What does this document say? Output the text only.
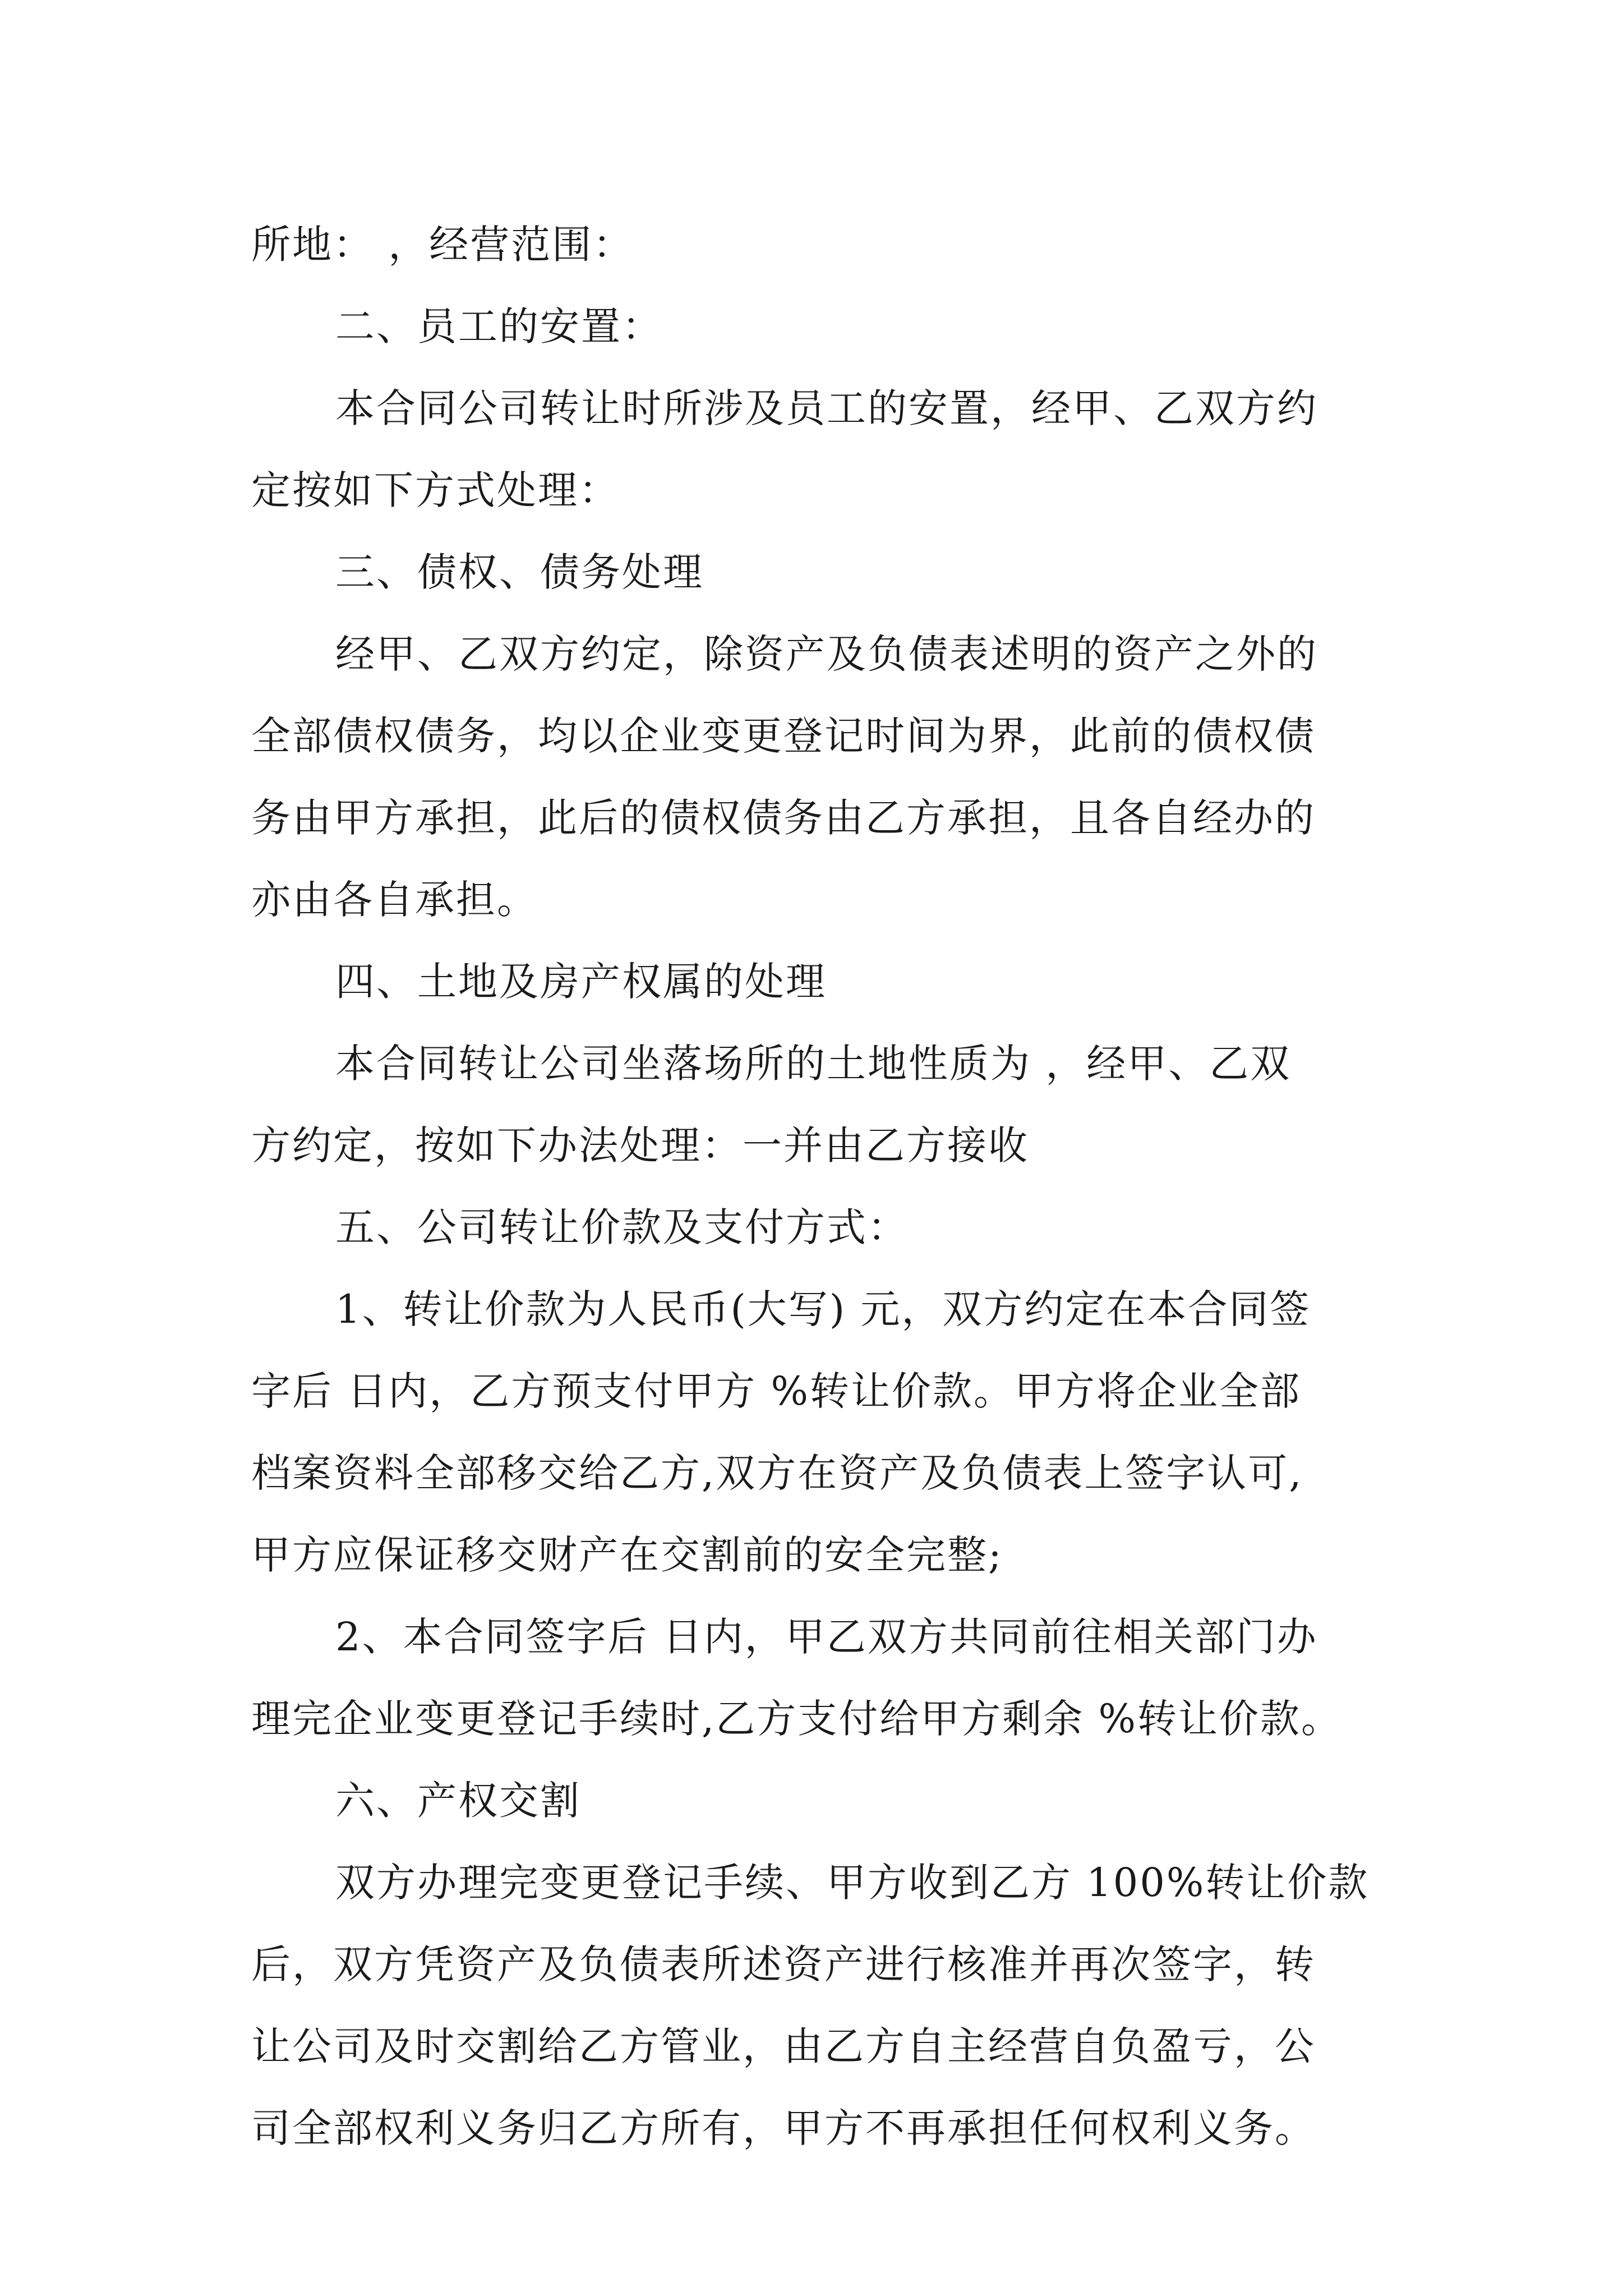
所地： ，经营范围：
二、员工的安置：
本合同公司转让时所涉及员工的安置，经甲、乙双方约
定按如下方式处理：
三、债权、债务处理
经甲、乙双方约定，除资产及负债表述明的资产之外的
全部债权债务，均以企业变更登记时间为界，此前的债权债
务由甲方承担，此后的债权债务由乙方承担，且各自经办的
亦由各自承担。
四、土地及房产权属的处理
本合同转让公司坐落场所的土地性质为 ，经甲、乙双
方约定，按如下办法处理：一并由乙方接收
五、公司转让价款及支付方式：
1、转让价款为人民币(大写) 元，双方约定在本合同签
字后 日内，乙方预支付甲方 %转让价款。甲方将企业全部
档案资料全部移交给乙方,双方在资产及负债表上签字认可,
甲方应保证移交财产在交割前的安全完整;
2、本合同签字后 日内，甲乙双方共同前往相关部门办
理完企业变更登记手续时,乙方支付给甲方剩余 %转让价款。
六、产权交割
双方办理完变更登记手续、甲方收到乙方 100%转让价款
后，双方凭资产及负债表所述资产进行核准并再次签字，转
让公司及时交割给乙方管业，由乙方自主经营自负盈亏，公
司全部权利义务归乙方所有，甲方不再承担任何权利义务。
